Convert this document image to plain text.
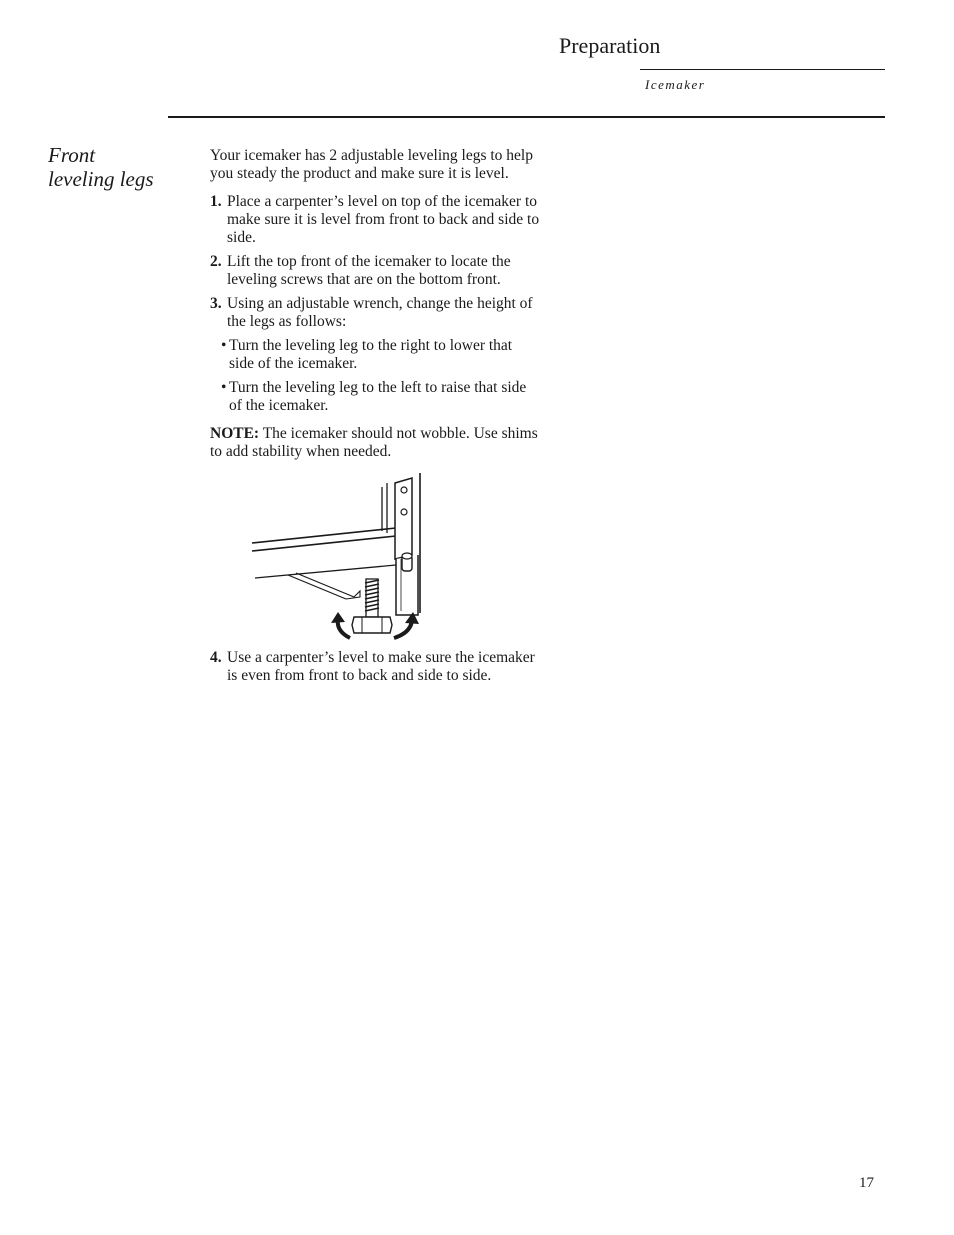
Preparation
Icemaker
Front
leveling legs

Your icemaker has 2 adjustable leveling legs to help you steady the product and make sure it is level.

1. Place a carpenter’s level on top of the icemaker to make sure it is level from front to back and side to side.
2. Lift the top front of the icemaker to locate the leveling screws that are on the bottom front.
3. Using an adjustable wrench, change the height of the legs as follows:
• Turn the leveling leg to the right to lower that side of the icemaker.
• Turn the leveling leg to the left to raise that side of the icemaker.

NOTE: The icemaker should not wobble. Use shims to add stability when needed.

4. Use a carpenter’s level to make sure the icemaker is even from front to back and side to side.
17
